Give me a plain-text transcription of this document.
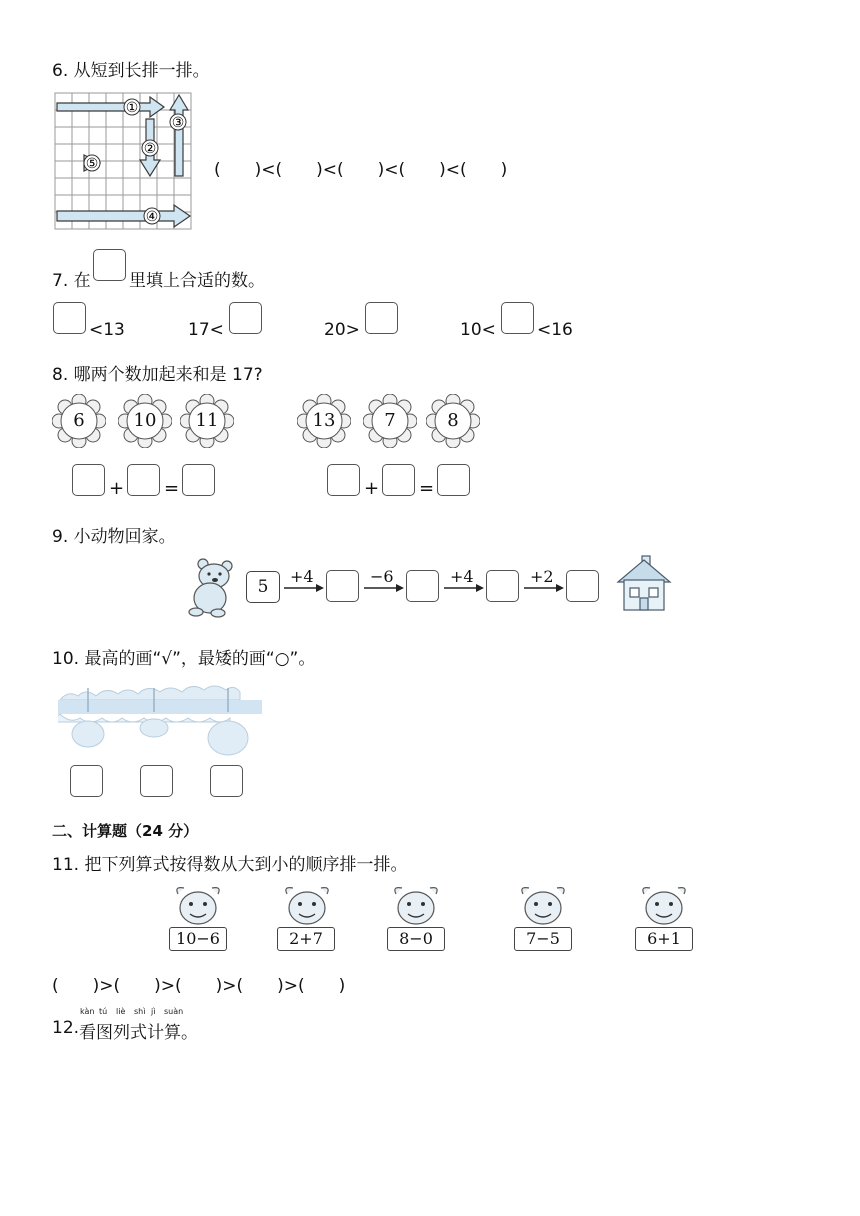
6. 从短到长排一排。
①
②
③
④
⑤	(　　)<(　　)<(　　)<(　　)<(　　)
7. 在 里填上合适的数。
<13	17<	20>	10< <16
8. 哪两个数加起来和是 17?
6	10	11	13	7	8
+ =	+ =
9. 小动物回家。
5
+4	−6	+4	+2
10. 最高的画“√”，最矮的画“○”。
二、计算题（24 分）
11. 把下列算式按得数从大到小的顺序排一排。
10−6	2+7	8−0	7−5	6+1
(　　)>(　　)>(　　)>(　　)>(　　)
12.
kàn
看
tú
图
liè
列
shì
式
jì
计
suàn
算 。
